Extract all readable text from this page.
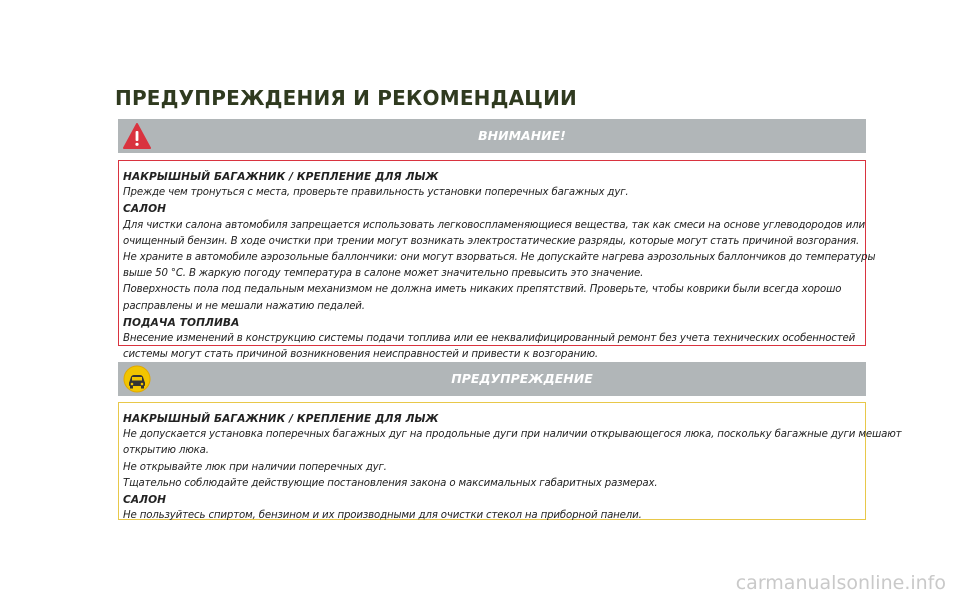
ПРЕДУПРЕЖДЕНИЯ И РЕКОМЕНДАЦИИ
ВНИМАНИЕ!
НАКРЫШНЫЙ БАГАЖНИК / КРЕПЛЕНИЕ ДЛЯ ЛЫЖ
Прежде чем тронуться с места, проверьте правильность установки поперечных багажных дуг.
САЛОН
Для чистки салона автомобиля запрещается использовать легковоспламеняющиеся вещества, так как смеси на основе углеводородов или
очищенный бензин. В ходе очистки при трении могут возникать электростатические разряды, которые могут стать причиной возгорания.
Не храните в автомобиле аэрозольные баллончики: они могут взорваться. Не допускайте нагрева аэрозольных баллончиков до температуры
выше 50 °C. В жаркую погоду температура в салоне может значительно превысить это значение.
Поверхность пола под педальным механизмом не должна иметь никаких препятствий. Проверьте, чтобы коврики были всегда хорошо
расправлены и не мешали нажатию педалей.
ПОДАЧА ТОПЛИВА
Внесение изменений в конструкцию системы подачи топлива или ее неквалифицированный ремонт без учета технических особенностей
системы могут стать причиной возникновения неисправностей и привести к возгоранию.
ПРЕДУПРЕЖДЕНИЕ
НАКРЫШНЫЙ БАГАЖНИК / КРЕПЛЕНИЕ ДЛЯ ЛЫЖ
Не допускается установка поперечных багажных дуг на продольные дуги при наличии открывающегося люка, поскольку багажные дуги мешают
открытию люка.
Не открывайте люк при наличии поперечных дуг.
Тщательно соблюдайте действующие постановления закона о максимальных габаритных размерах.
САЛОН
Не пользуйтесь спиртом, бензином и их производными для очистки стекол на приборной панели.
carmanualsonline.info
